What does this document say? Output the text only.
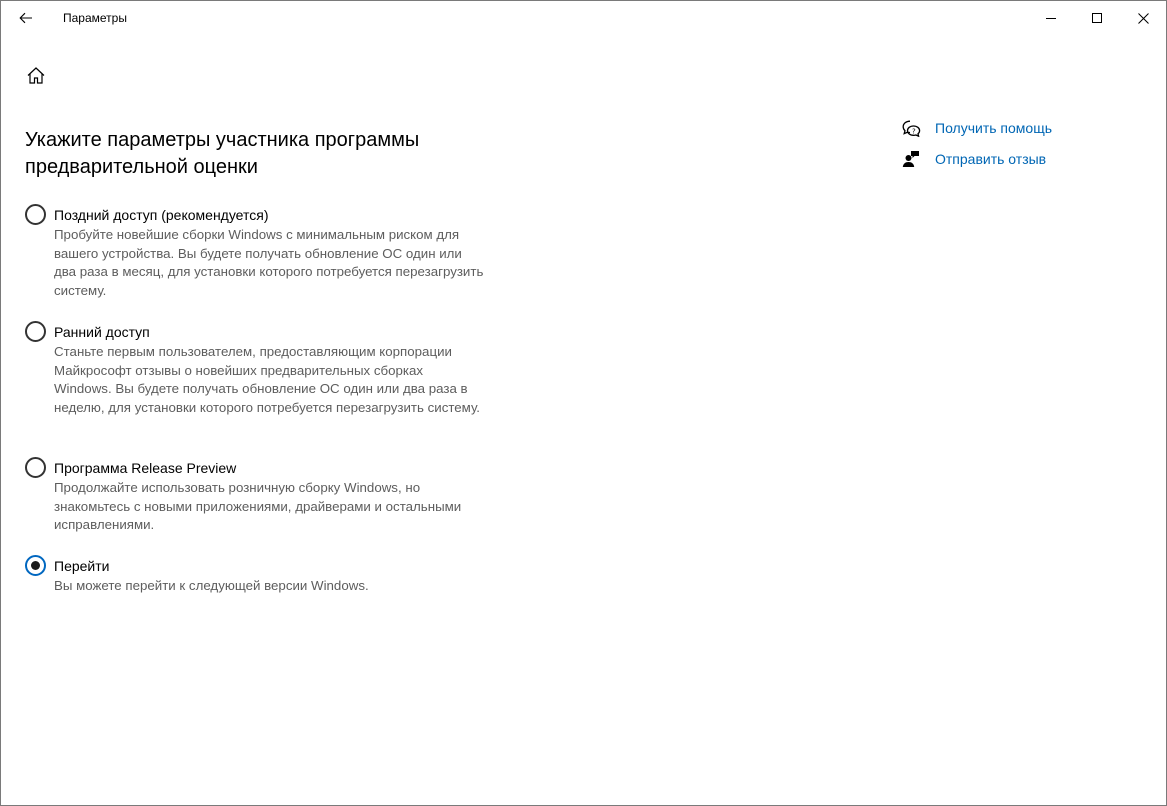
Параметры
Укажите параметры участника программы предварительной оценки
Поздний доступ (рекомендуется)
Пробуйте новейшие сборки Windows с минимальным риском для вашего устройства. Вы будете получать обновление ОС один или два раза в месяц, для установки которого потребуется перезагрузить систему.
Ранний доступ
Станьте первым пользователем, предоставляющим корпорации Майкрософт отзывы о новейших предварительных сборках Windows. Вы будете получать обновление ОС один или два раза в неделю, для установки которого потребуется перезагрузить систему.
Программа Release Preview
Продолжайте использовать розничную сборку Windows, но знакомьтесь с новыми приложениями, драйверами и остальными исправлениями.
Перейти
Вы можете перейти к следующей версии Windows.
? Получить помощь
Отправить отзыв
